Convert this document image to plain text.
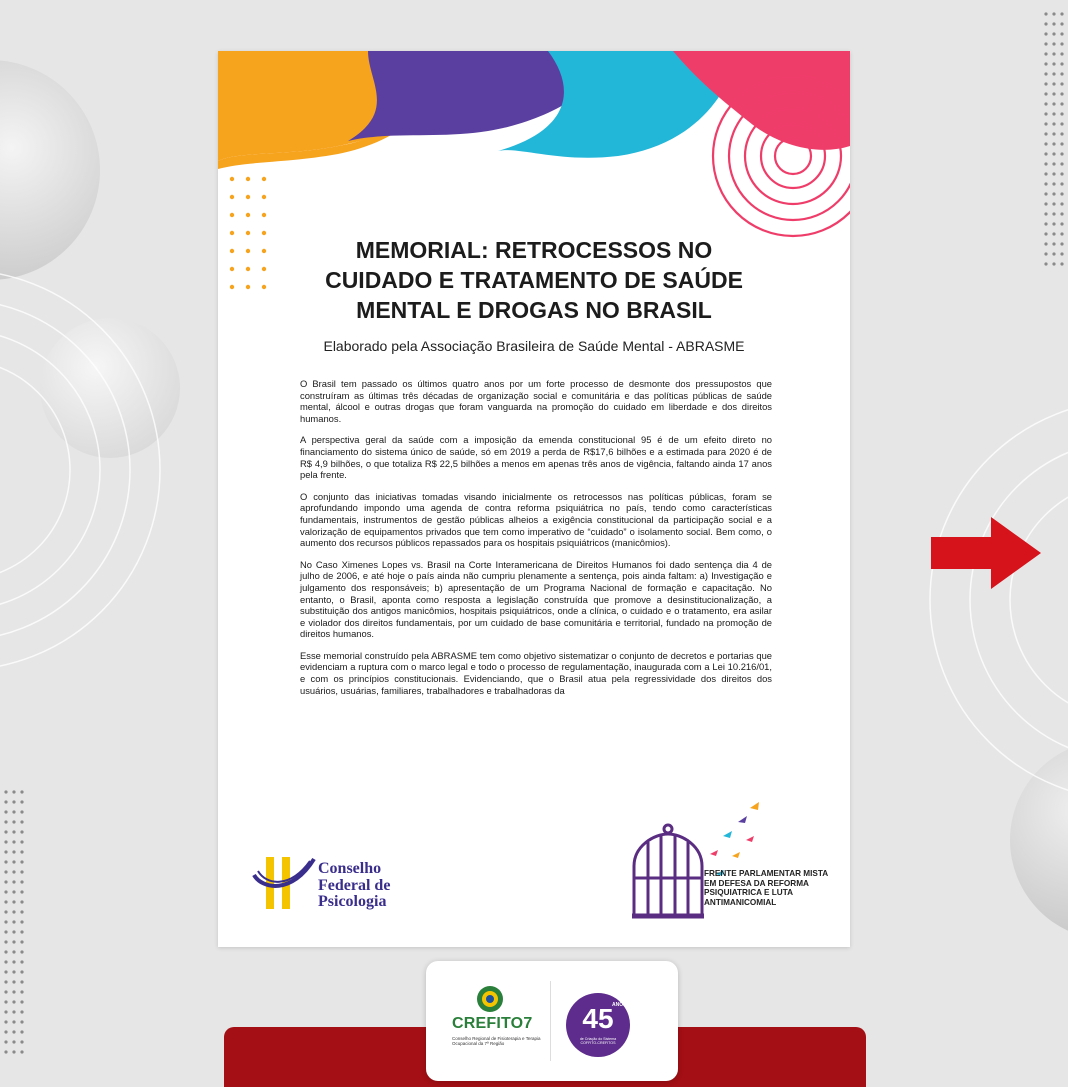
MEMORIAL: RETROCESSOS NO
CUIDADO E TRATAMENTO DE SAÚDE
MENTAL E DROGAS NO BRASIL

Elaborado pela Associação Brasileira de Saúde Mental - ABRASME

O Brasil tem passado os últimos quatro anos por um forte processo de desmonte dos pressupostos que construíram as últimas três décadas de organização social e comunitária e das políticas públicas de saúde mental, álcool e outras drogas que foram vanguarda na promoção do cuidado em liberdade e dos direitos humanos.

A perspectiva geral da saúde com a imposição da emenda constitucional 95 é de um efeito direto no financiamento do sistema único de saúde, só em 2019 a perda de R$17,6 bilhões e a estimada para 2020 é de R$ 4,9 bilhões, o que totaliza R$ 22,5 bilhões a menos em apenas três anos de vigência, faltando ainda 17 anos pela frente.

O conjunto das iniciativas tomadas visando inicialmente os retrocessos nas políticas públicas, foram se aprofundando impondo uma agenda de contra reforma psiquiátrica no país, tendo como características fundamentais, instrumentos de gestão públicas alheios a exigência constitucional da participação social e a valorização de equipamentos privados que tem como imperativo de “cuidado” o isolamento social. Bem como, o aumento dos recursos públicos repassados para os hospitais psiquiátricos (manicômios).

No Caso Ximenes Lopes vs. Brasil na Corte Interamericana de Direitos Humanos foi dado sentença dia 4 de julho de 2006, e até hoje o país ainda não cumpriu plenamente a sentença, pois ainda faltam: a) Investigação e julgamento dos responsáveis; b) apresentação de um Programa Nacional de formação e capacitação. No entanto, o Brasil, aponta como resposta a legislação construída que promove a desinstitucionalização, a substituição dos antigos manicômios, hospitais psiquiátricos, onde a clínica, o cuidado e o tratamento, era asilar e violador dos direitos fundamentais, por um cuidado de base comunitária e territorial, fundado na promoção de direitos humanos.

Esse memorial construído pela ABRASME tem como objetivo sistematizar o conjunto de decretos e portarias que evidenciam a ruptura com o marco legal e todo o processo de regulamentação, inaugurada com a Lei 10.216/01, e com os princípios constitucionais. Evidenciando, que o Brasil atua pela regressividade dos direitos dos usuários, usuárias, familiares, trabalhadores e trabalhadoras da

Conselho
Federal de
Psicologia

FRENTE PARLAMENTAR MISTA
EM DEFESA DA REFORMA
PSIQUIATRICA E LUTA
ANTIMANICOMIAL

CREFITO7

Conselho Regional de Fisioterapia e Terapia Ocupacional da 7ª Região

ANOS

45

de Criação do Sistema COFFITO-CREFITOS
